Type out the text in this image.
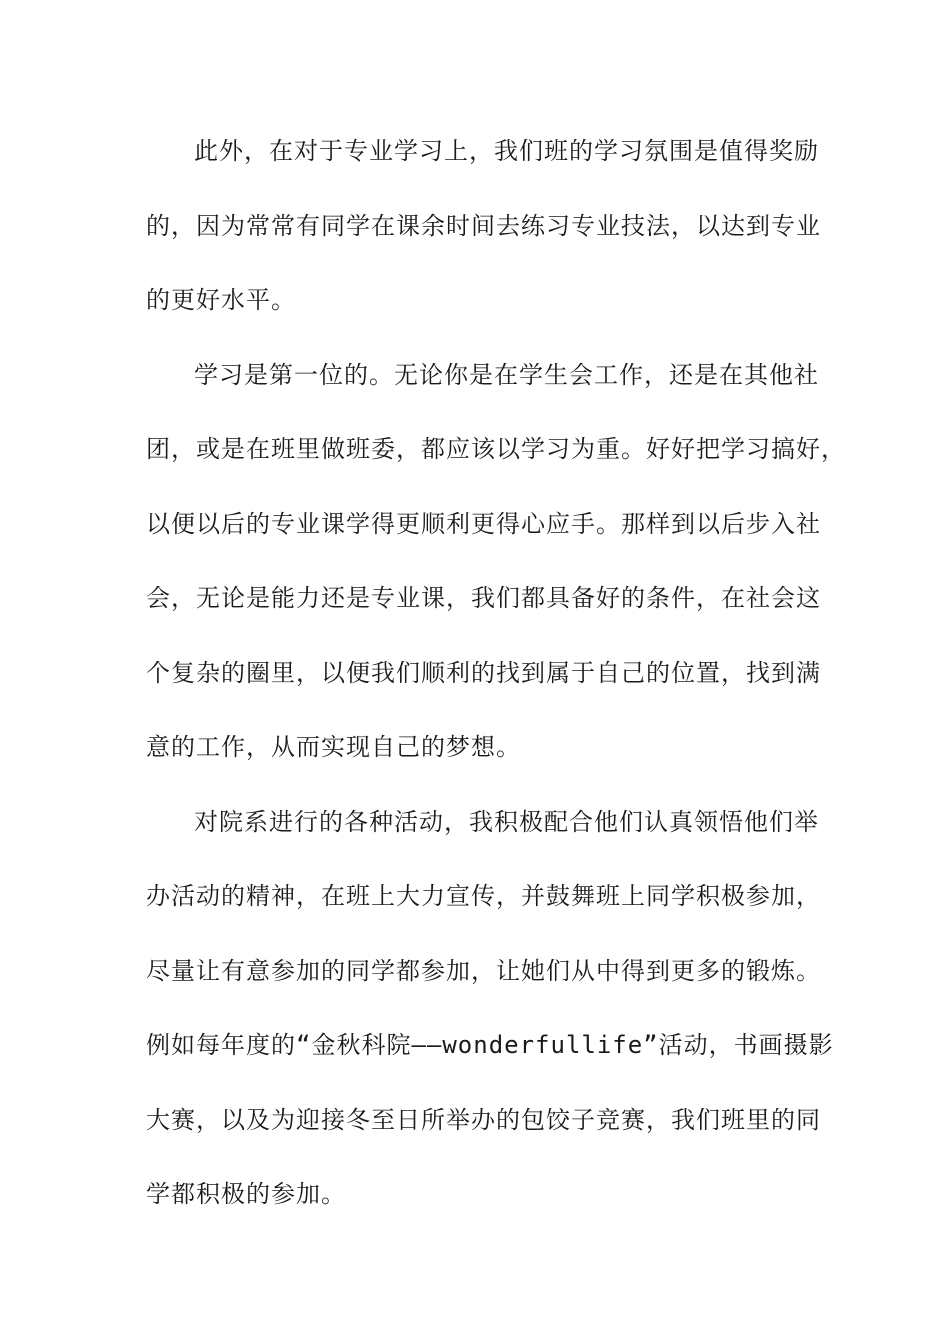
此外，在对于专业学习上，我们班的学习氛围是值得奖励
的，因为常常有同学在课余时间去练习专业技法，以达到专业
的更好水平。
学习是第一位的。无论你是在学生会工作，还是在其他社
团，或是在班里做班委，都应该以学习为重。好好把学习搞好，
以便以后的专业课学得更顺利更得心应手。那样到以后步入社
会，无论是能力还是专业课，我们都具备好的条件，在社会这
个复杂的圈里，以便我们顺利的找到属于自己的位置，找到满
意的工作，从而实现自己的梦想。
对院系进行的各种活动，我积极配合他们认真领悟他们举
办活动的精神，在班上大力宣传，并鼓舞班上同学积极参加，
尽量让有意参加的同学都参加，让她们从中得到更多的锻炼。
例如每年度的“金秋科院——wonderfullife”活动，书画摄影
大赛，以及为迎接冬至日所举办的包饺子竞赛，我们班里的同
学都积极的参加。
